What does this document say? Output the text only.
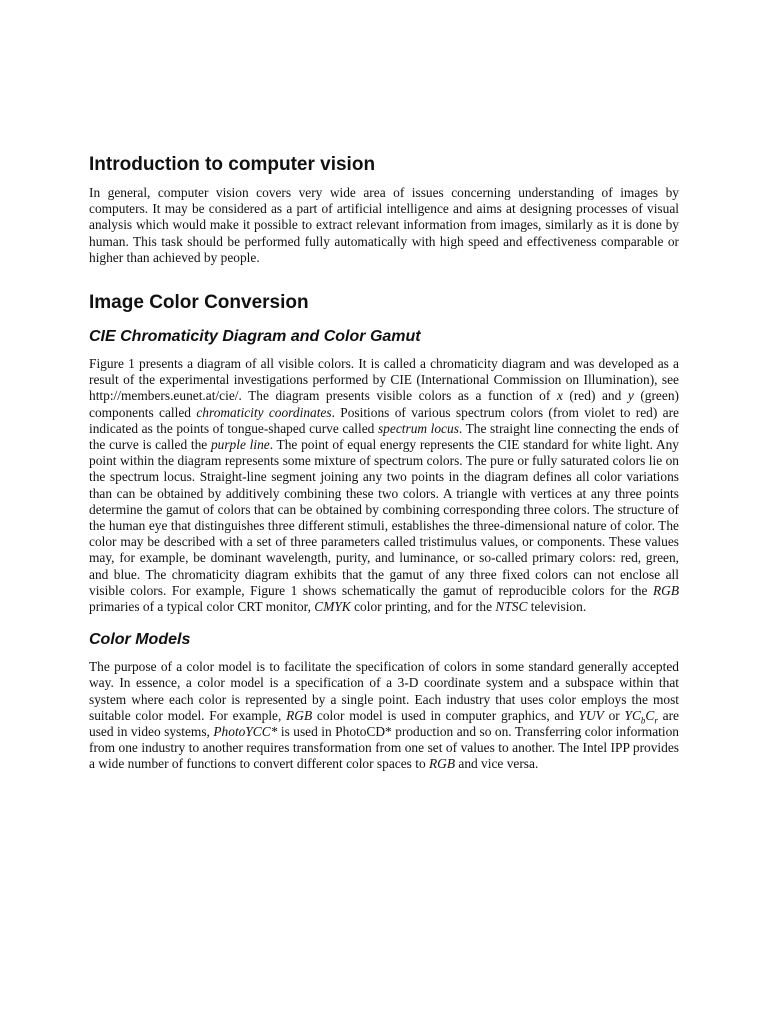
Introduction to computer vision

In general, computer vision covers very wide area of issues concerning understanding of images by computers. It may be considered as a part of artificial intelligence and aims at designing processes of visual analysis which would make it possible to extract relevant information from images, similarly as it is done by human. This task should be performed fully automatically with high speed and effectiveness comparable or higher than achieved by people.

Image Color Conversion
CIE Chromaticity Diagram and Color Gamut

Figure 1 presents a diagram of all visible colors. It is called a chromaticity diagram and was developed as a result of the experimental investigations performed by CIE (International Commission on Illumination), see http://members.eunet.at/cie/. The diagram presents visible colors as a function of x (red) and y (green) components called chromaticity coordinates. Positions of various spectrum colors (from violet to red) are indicated as the points of tongue-shaped curve called spectrum locus. The straight line connecting the ends of the curve is called the purple line. The point of equal energy represents the CIE standard for white light. Any point within the diagram represents some mixture of spectrum colors. The pure or fully saturated colors lie on the spectrum locus. Straight-line segment joining any two points in the diagram defines all color variations than can be obtained by additively combining these two colors. A triangle with vertices at any three points determine the gamut of colors that can be obtained by combining corresponding three colors. The structure of the human eye that distinguishes three different stimuli, establishes the three-dimensional nature of color. The color may be described with a set of three parameters called tristimulus values, or components. These values may, for example, be dominant wavelength, purity, and luminance, or so-called primary colors: red, green, and blue. The chromaticity diagram exhibits that the gamut of any three fixed colors can not enclose all visible colors. For example, Figure 1 shows schematically the gamut of reproducible colors for the RGB primaries of a typical color CRT monitor, CMYK color printing, and for the NTSC television.

Color Models

The purpose of a color model is to facilitate the specification of colors in some standard generally accepted way. In essence, a color model is a specification of a 3-D coordinate system and a subspace within that system where each color is represented by a single point. Each industry that uses color employs the most suitable color model. For example, RGB color model is used in computer graphics, and YUV or $YC_bC_r$ are used in video systems, PhotoYCC* is used in PhotoCD* production and so on. Transferring color information from one industry to another requires transformation from one set of values to another. The Intel IPP provides a wide number of functions to convert different color spaces to RGB and vice versa.
